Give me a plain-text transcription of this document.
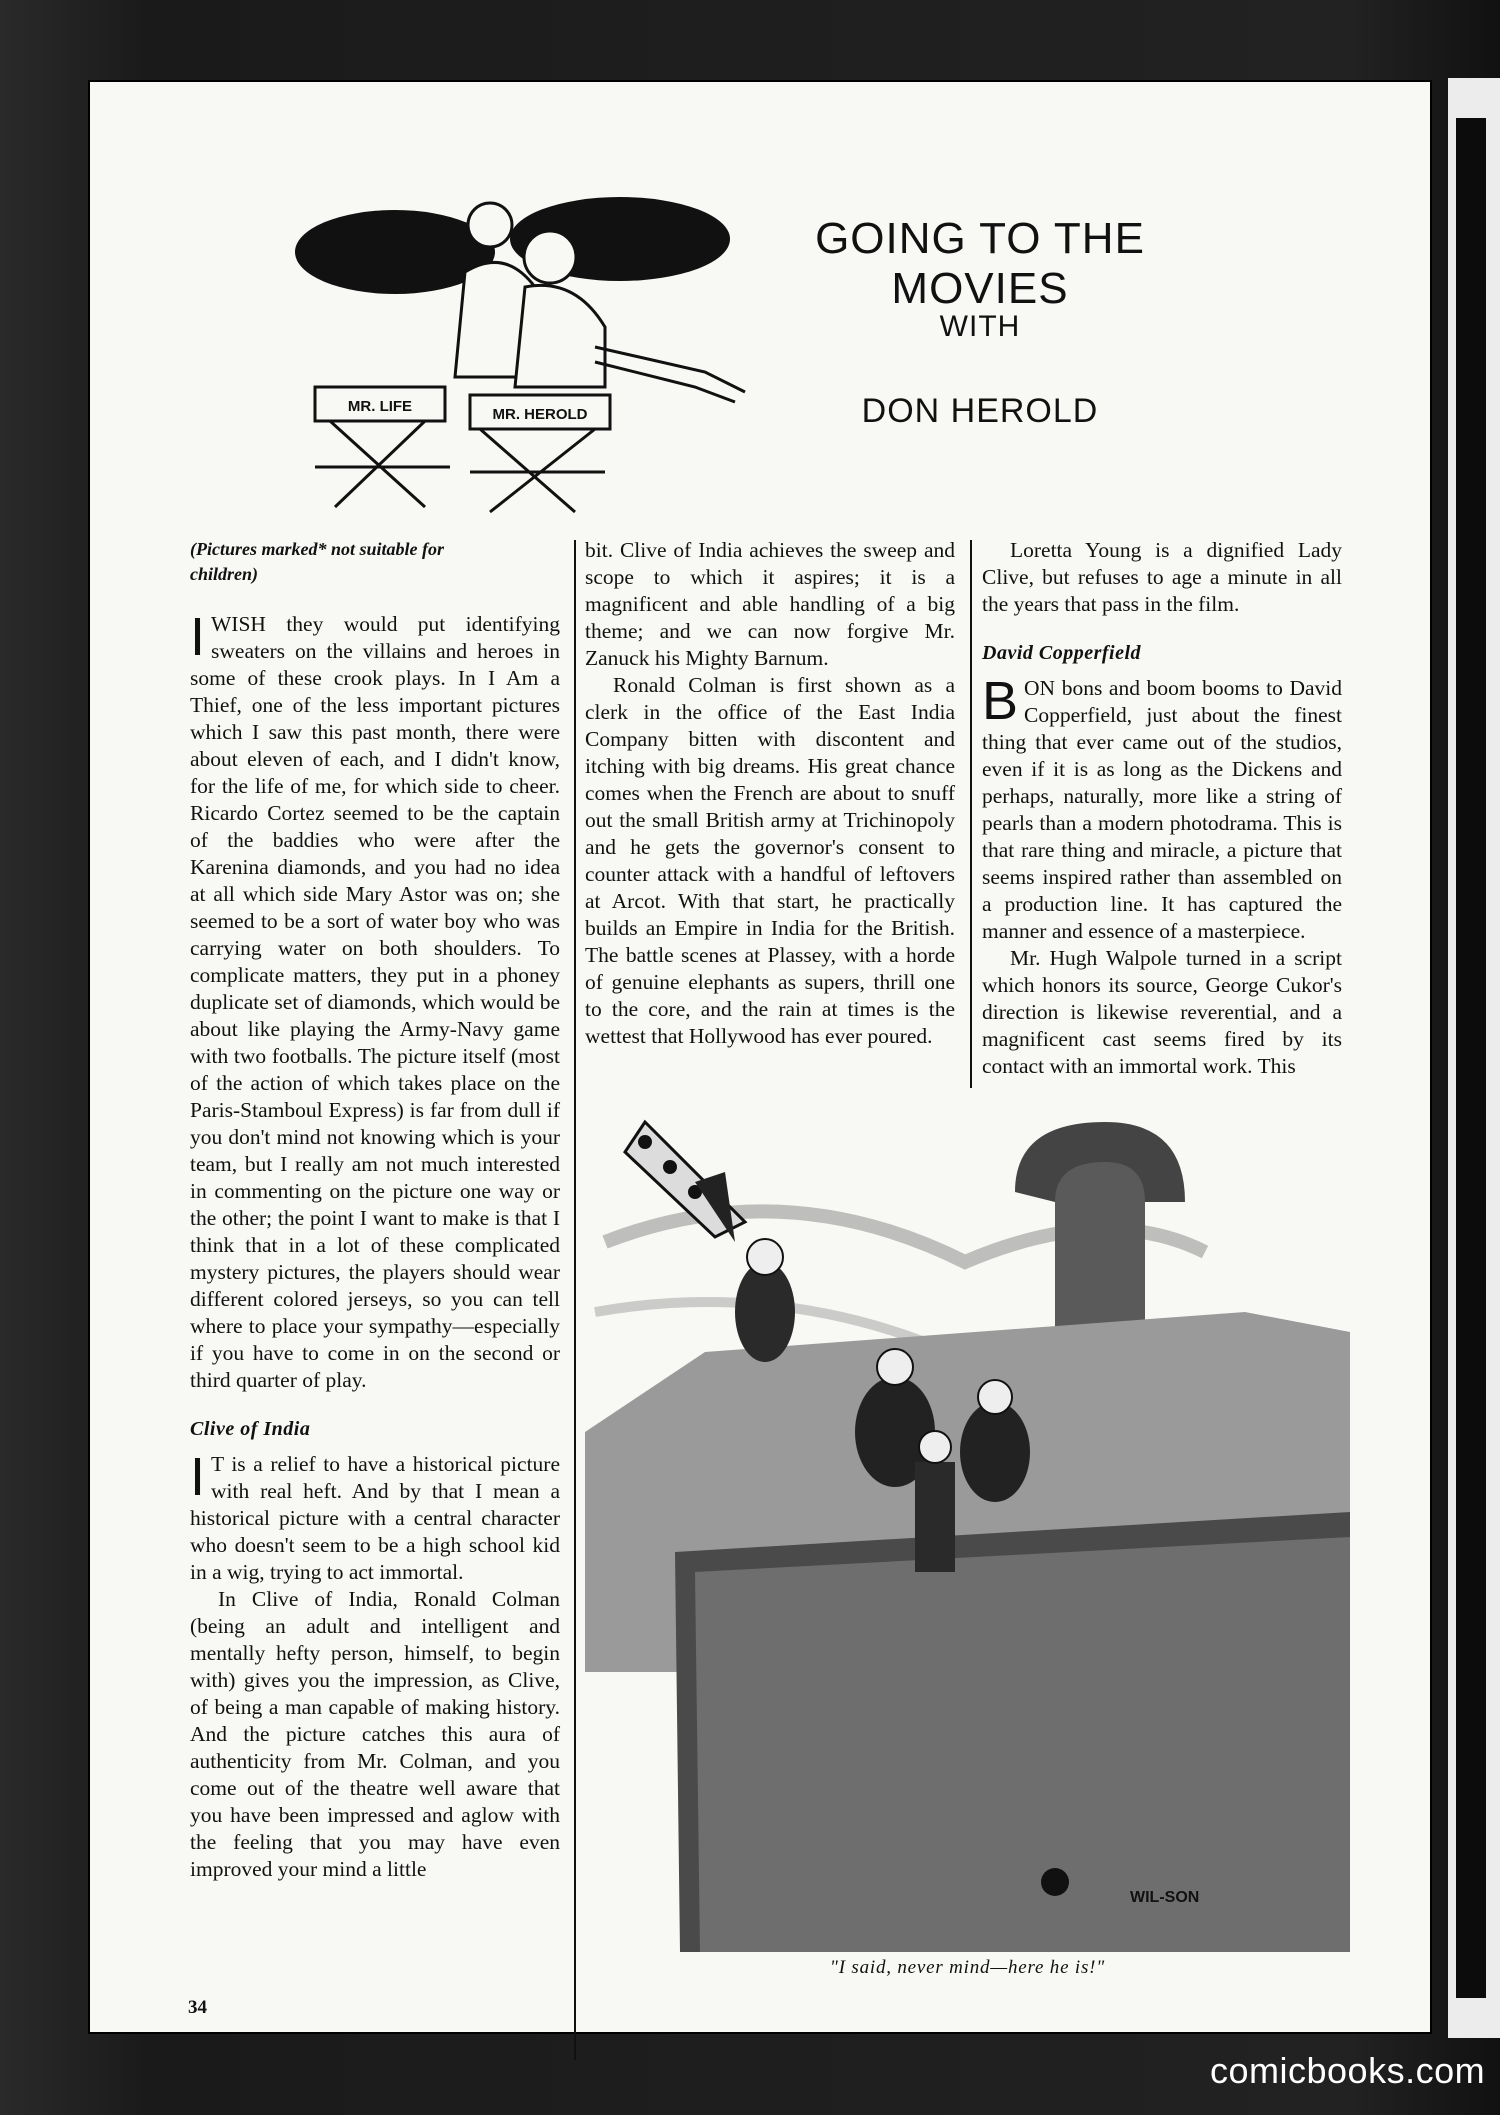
MR. LIFE	MR. HEROLD
GOING TO THE MOVIES
WITH
DON HEROLD

(Pictures marked* not suitable for children)

IWISH they would put identifying sweaters on the villains and heroes in some of these crook plays. In I Am a Thief, one of the less important pictures which I saw this past month, there were about eleven of each, and I didn't know, for the life of me, for which side to cheer. Ricardo Cortez seemed to be the captain of the baddies who were after the Karenina diamonds, and you had no idea at all which side Mary Astor was on; she seemed to be a sort of water boy who was carrying water on both shoulders. To complicate matters, they put in a phoney duplicate set of diamonds, which would be about like playing the Army-Navy game with two footballs. The picture itself (most of the action of which takes place on the Paris-Stamboul Express) is far from dull if you don't mind not knowing which is your team, but I really am not much interested in commenting on the picture one way or the other; the point I want to make is that I think that in a lot of these complicated mystery pictures, the players should wear different colored jerseys, so you can tell where to place your sympathy—especially if you have to come in on the second or third quarter of play.

Clive of India

I T is a relief to have a historical picture with real heft. And by that I mean a historical picture with a central character who doesn't seem to be a high school kid in a wig, trying to act immortal.

In Clive of India, Ronald Colman (being an adult and intelligent and mentally hefty person, himself, to begin with) gives you the impression, as Clive, of being a man capable of making history. And the picture catches this aura of authenticity from Mr. Colman, and you come out of the theatre well aware that you have been impressed and aglow with the feeling that you may have even improved your mind a little

bit. Clive of India achieves the sweep and scope to which it aspires; it is a magnificent and able handling of a big theme; and we can now forgive Mr. Zanuck his Mighty Barnum.

Ronald Colman is first shown as a clerk in the office of the East India Company bitten with discontent and itching with big dreams. His great chance comes when the French are about to snuff out the small British army at Trichinopoly and he gets the governor's consent to counter attack with a handful of leftovers at Arcot. With that start, he practically builds an Empire in India for the British. The battle scenes at Plassey, with a horde of genuine elephants as supers, thrill one to the core, and the rain at times is the wettest that Hollywood has ever poured.

Loretta Young is a dignified Lady Clive, but refuses to age a minute in all the years that pass in the film.

David Copperfield

BON bons and boom booms to David Copperfield, just about the finest thing that ever came out of the studios, even if it is as long as the Dickens and perhaps, naturally, more like a string of pearls than a modern photodrama. This is that rare thing and miracle, a picture that seems inspired rather than assembled on a production line. It has captured the manner and essence of a masterpiece.

Mr. Hugh Walpole turned in a script which honors its source, George Cukor's direction is likewise reverential, and a magnificent cast seems fired by its contact with an immortal work. This

WIL-SON
"I said, never mind—here he is!"
34
comicbooks.com
